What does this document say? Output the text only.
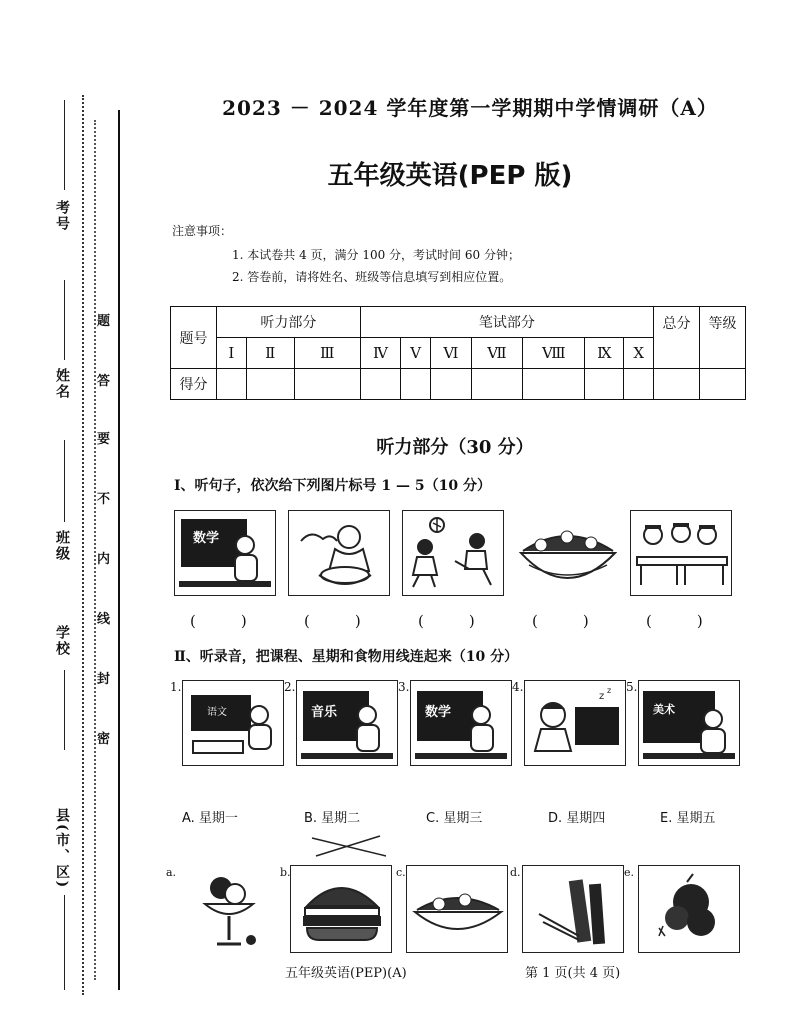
考号
姓名
班级
学校
县(市、区)
题
答
要
不
内
线
封
密
2023 － 2024 学年度第一学期期中学情调研（A）
五年级英语(PEP 版)
注意事项：
1. 本试卷共 4 页，满分 100 分，考试时间 60 分钟；
2. 答卷前，请将姓名、班级等信息填写到相应位置。
题号	听力部分			笔试部分							总分	等级
	Ⅰ	Ⅱ	Ⅲ	Ⅳ	Ⅴ	Ⅵ	Ⅶ	Ⅷ	Ⅸ	Ⅹ		
得分												
听力部分（30 分）
Ⅰ、听句子，依次给下列图片标号 1 — 5（10 分）
数学
(　　　)	(　　　)	(　　　)	(　　　)	(　　　)
Ⅱ、听录音，把课程、星期和食物用线连起来（10 分）
1.
语文
2.
音乐
3.
数学
4.
z
z 5.
美术
A. 星期一	B. 星期二	C. 星期三	D. 星期四	E. 星期五
a.	b.	c.	d.	e.
五年级英语(PEP)(A)	第 1 页(共 4 页)
